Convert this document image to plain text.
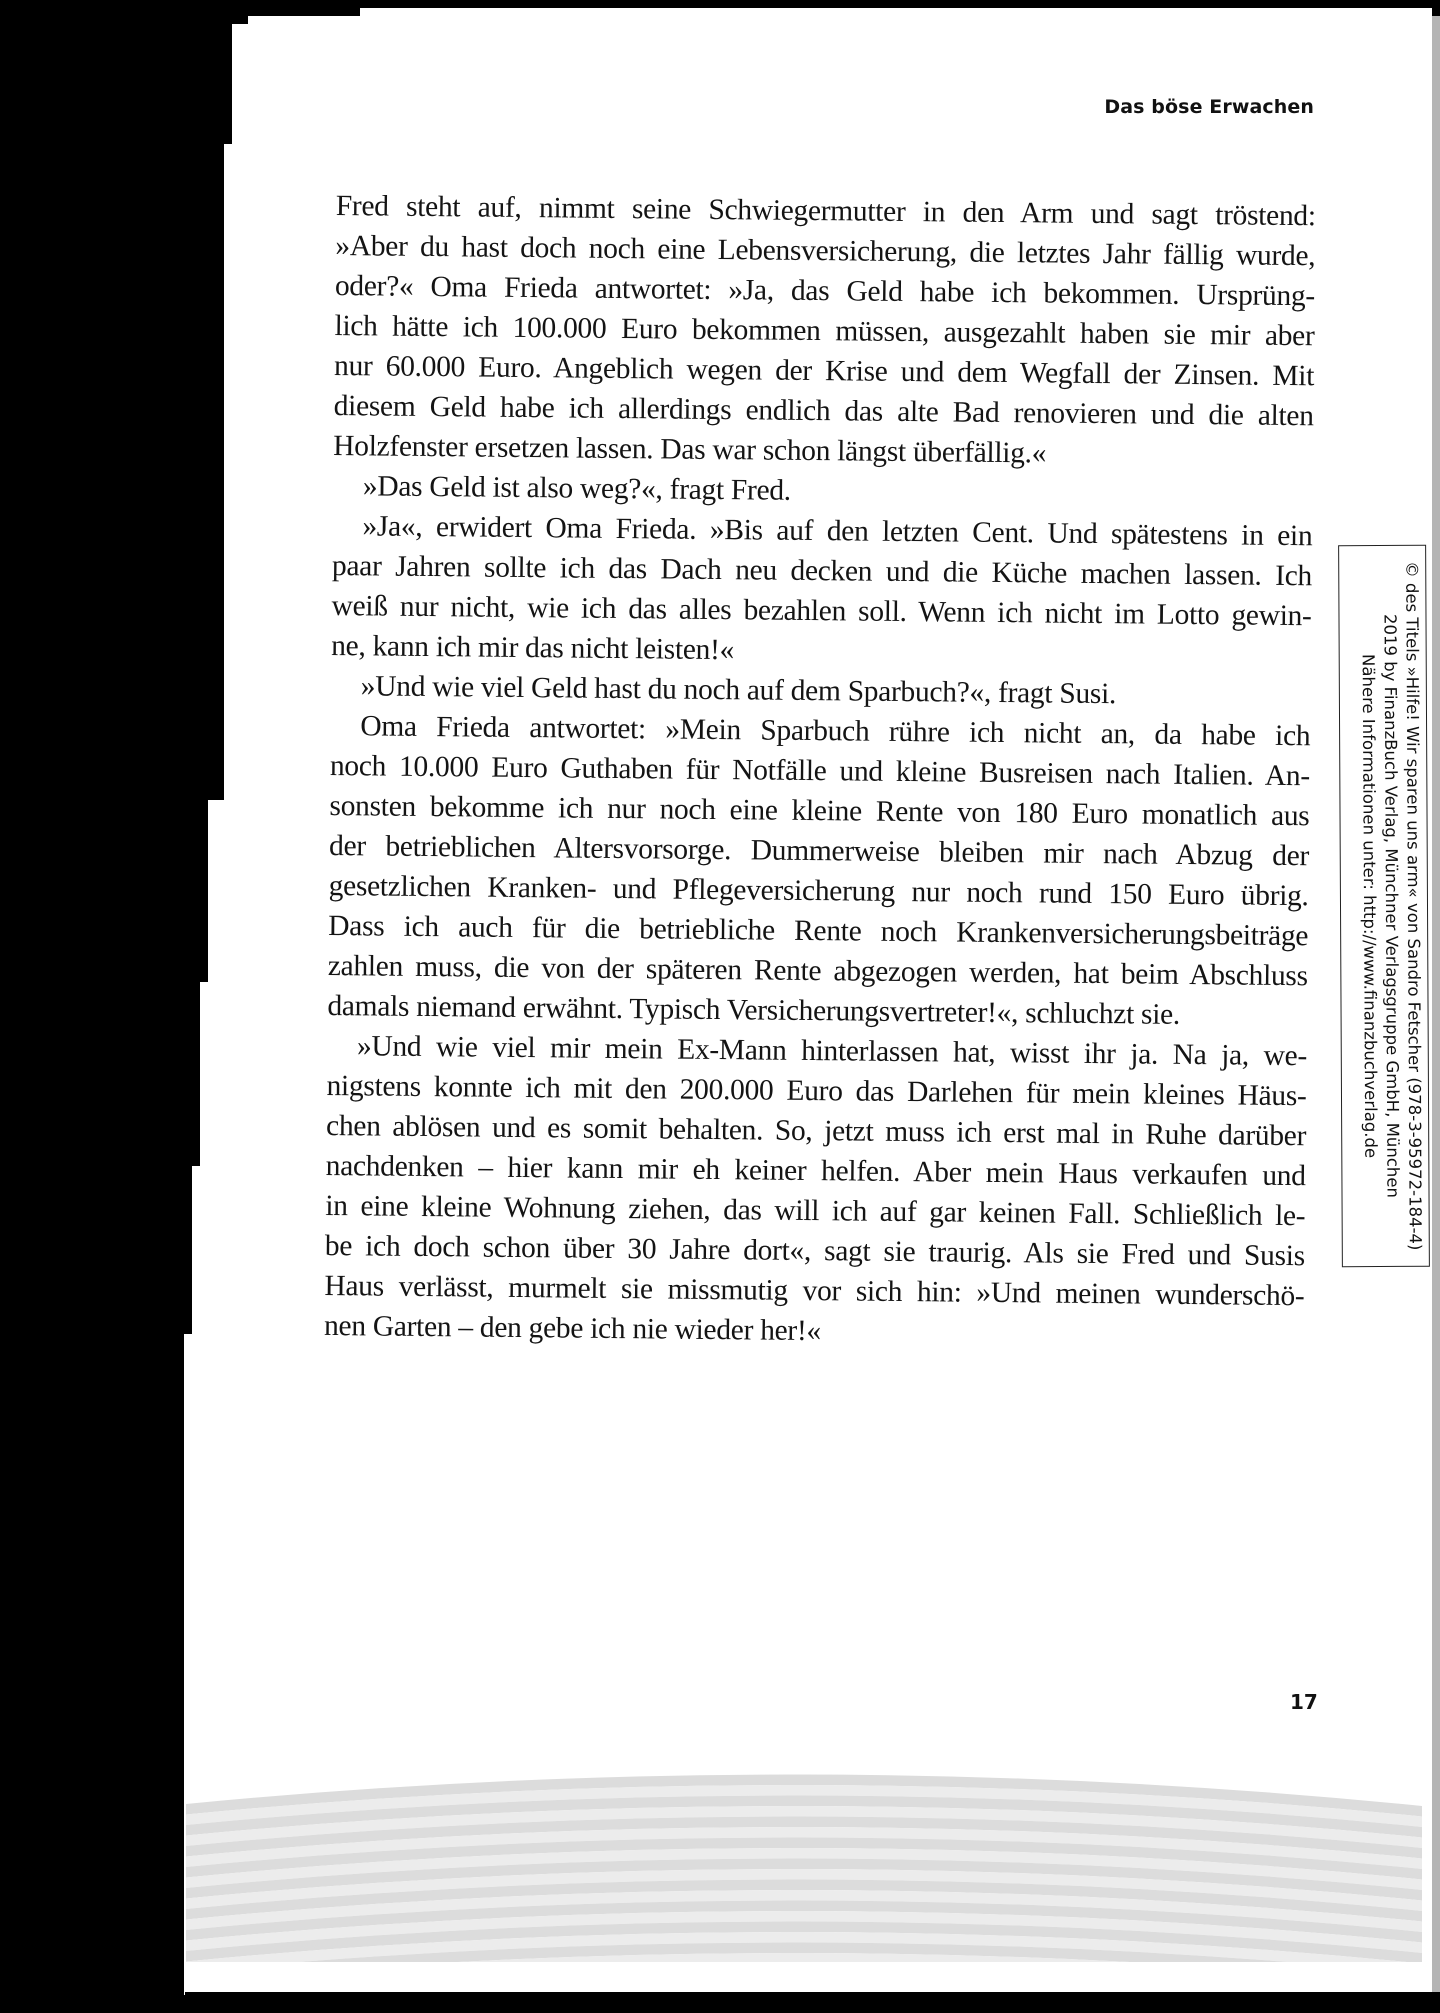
Das böse Erwachen
Fred steht auf, nimmt seine Schwiegermutter in den Arm und sagt tröstend:
»Aber du hast doch noch eine Lebensversicherung, die letztes Jahr fällig wurde,
oder?« Oma Frieda antwortet: »Ja, das Geld habe ich bekommen. Ursprüng-
lich hätte ich 100.000 Euro bekommen müssen, ausgezahlt haben sie mir aber
nur 60.000 Euro. Angeblich wegen der Krise und dem Wegfall der Zinsen. Mit
diesem Geld habe ich allerdings endlich das alte Bad renovieren und die alten
Holzfenster ersetzen lassen. Das war schon längst überfällig.«
»Das Geld ist also weg?«, fragt Fred.
»Ja«, erwidert Oma Frieda. »Bis auf den letzten Cent. Und spätestens in ein
paar Jahren sollte ich das Dach neu decken und die Küche machen lassen. Ich
weiß nur nicht, wie ich das alles bezahlen soll. Wenn ich nicht im Lotto gewin-
ne, kann ich mir das nicht leisten!«
»Und wie viel Geld hast du noch auf dem Sparbuch?«, fragt Susi.
Oma Frieda antwortet: »Mein Sparbuch rühre ich nicht an, da habe ich
noch 10.000 Euro Guthaben für Notfälle und kleine Busreisen nach Italien. An-
sonsten bekomme ich nur noch eine kleine Rente von 180 Euro monatlich aus
der betrieblichen Altersvorsorge. Dummerweise bleiben mir nach Abzug der
gesetzlichen Kranken- und Pflegeversicherung nur noch rund 150 Euro übrig.
Dass ich auch für die betriebliche Rente noch Krankenversicherungsbeiträge
zahlen muss, die von der späteren Rente abgezogen werden, hat beim Abschluss
damals niemand erwähnt. Typisch Versicherungsvertreter!«, schluchzt sie.
»Und wie viel mir mein Ex-Mann hinterlassen hat, wisst ihr ja. Na ja, we-
nigstens konnte ich mit den 200.000 Euro das Darlehen für mein kleines Häus-
chen ablösen und es somit behalten. So, jetzt muss ich erst mal in Ruhe darüber
nachdenken – hier kann mir eh keiner helfen. Aber mein Haus verkaufen und
in eine kleine Wohnung ziehen, das will ich auf gar keinen Fall. Schließlich le-
be ich doch schon über 30 Jahre dort«, sagt sie traurig. Als sie Fred und Susis
Haus verlässt, murmelt sie missmutig vor sich hin: »Und meinen wunderschö-
nen Garten – den gebe ich nie wieder her!«
© des Titels »Hilfe! Wir sparen uns arm« von Sandro Fetscher (978-3-95972-184-4)
2019 by FinanzBuch Verlag, Münchner Verlagsgruppe GmbH, München
Nähere Informationen unter: http://www.finanzbuchverlag.de
17
